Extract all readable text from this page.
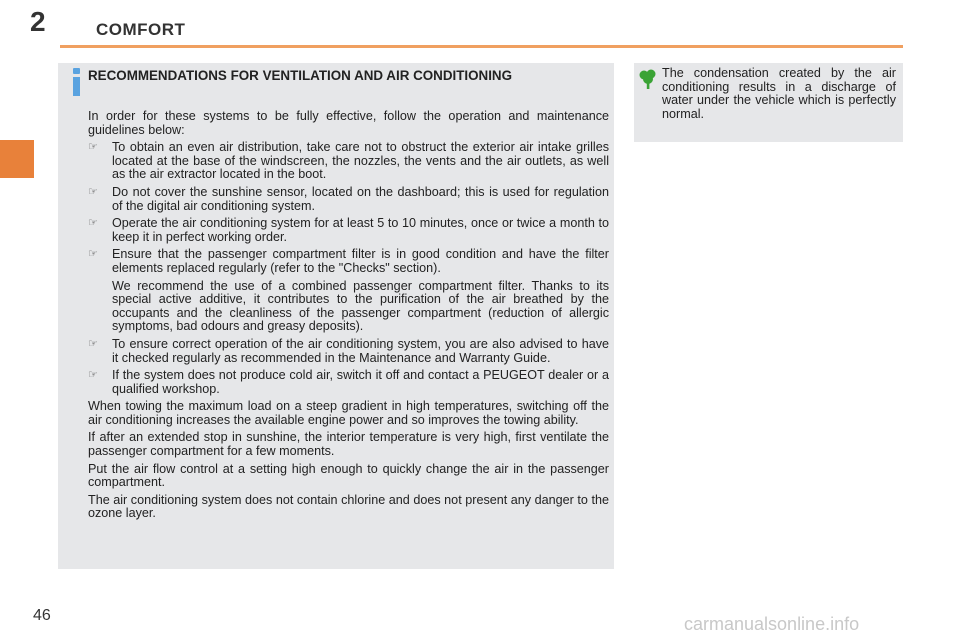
2	COMFORT
RECOMMENDATIONS FOR VENTILATION AND AIR CONDITIONING

In order for these systems to be fully effective, follow the operation and maintenance guidelines below:

☞ To obtain an even air distribution, take care not to obstruct the exterior air intake grilles located at the base of the windscreen, the nozzles, the vents and the air outlets, as well as the air extractor located in the boot.
☞ Do not cover the sunshine sensor, located on the dashboard; this is used for regulation of the digital air conditioning system.
☞ Operate the air conditioning system for at least 5 to 10 minutes, once or twice a month to keep it in perfect working order.
☞ Ensure that the passenger compartment filter is in good condition and have the filter elements replaced regularly (refer to the "Checks" section).

We recommend the use of a combined passenger compartment filter. Thanks to its special active additive, it contributes to the purification of the air breathed by the occupants and the cleanliness of the passenger compartment (reduction of allergic symptoms, bad odours and greasy deposits).

☞ To ensure correct operation of the air conditioning system, you are also advised to have it checked regularly as recommended in the Maintenance and Warranty Guide.
☞ If the system does not produce cold air, switch it off and contact a PEUGEOT dealer or a qualified workshop.

When towing the maximum load on a steep gradient in high temperatures, switching off the air conditioning increases the available engine power and so improves the towing ability.

If after an extended stop in sunshine, the interior temperature is very high, first ventilate the passenger compartment for a few moments.

Put the air flow control at a setting high enough to quickly change the air in the passenger compartment.

The air conditioning system does not contain chlorine and does not present any danger to the ozone layer.

The condensation created by the air conditioning results in a discharge of water under the vehicle which is perfectly normal.
46	carmanualsonline.info
